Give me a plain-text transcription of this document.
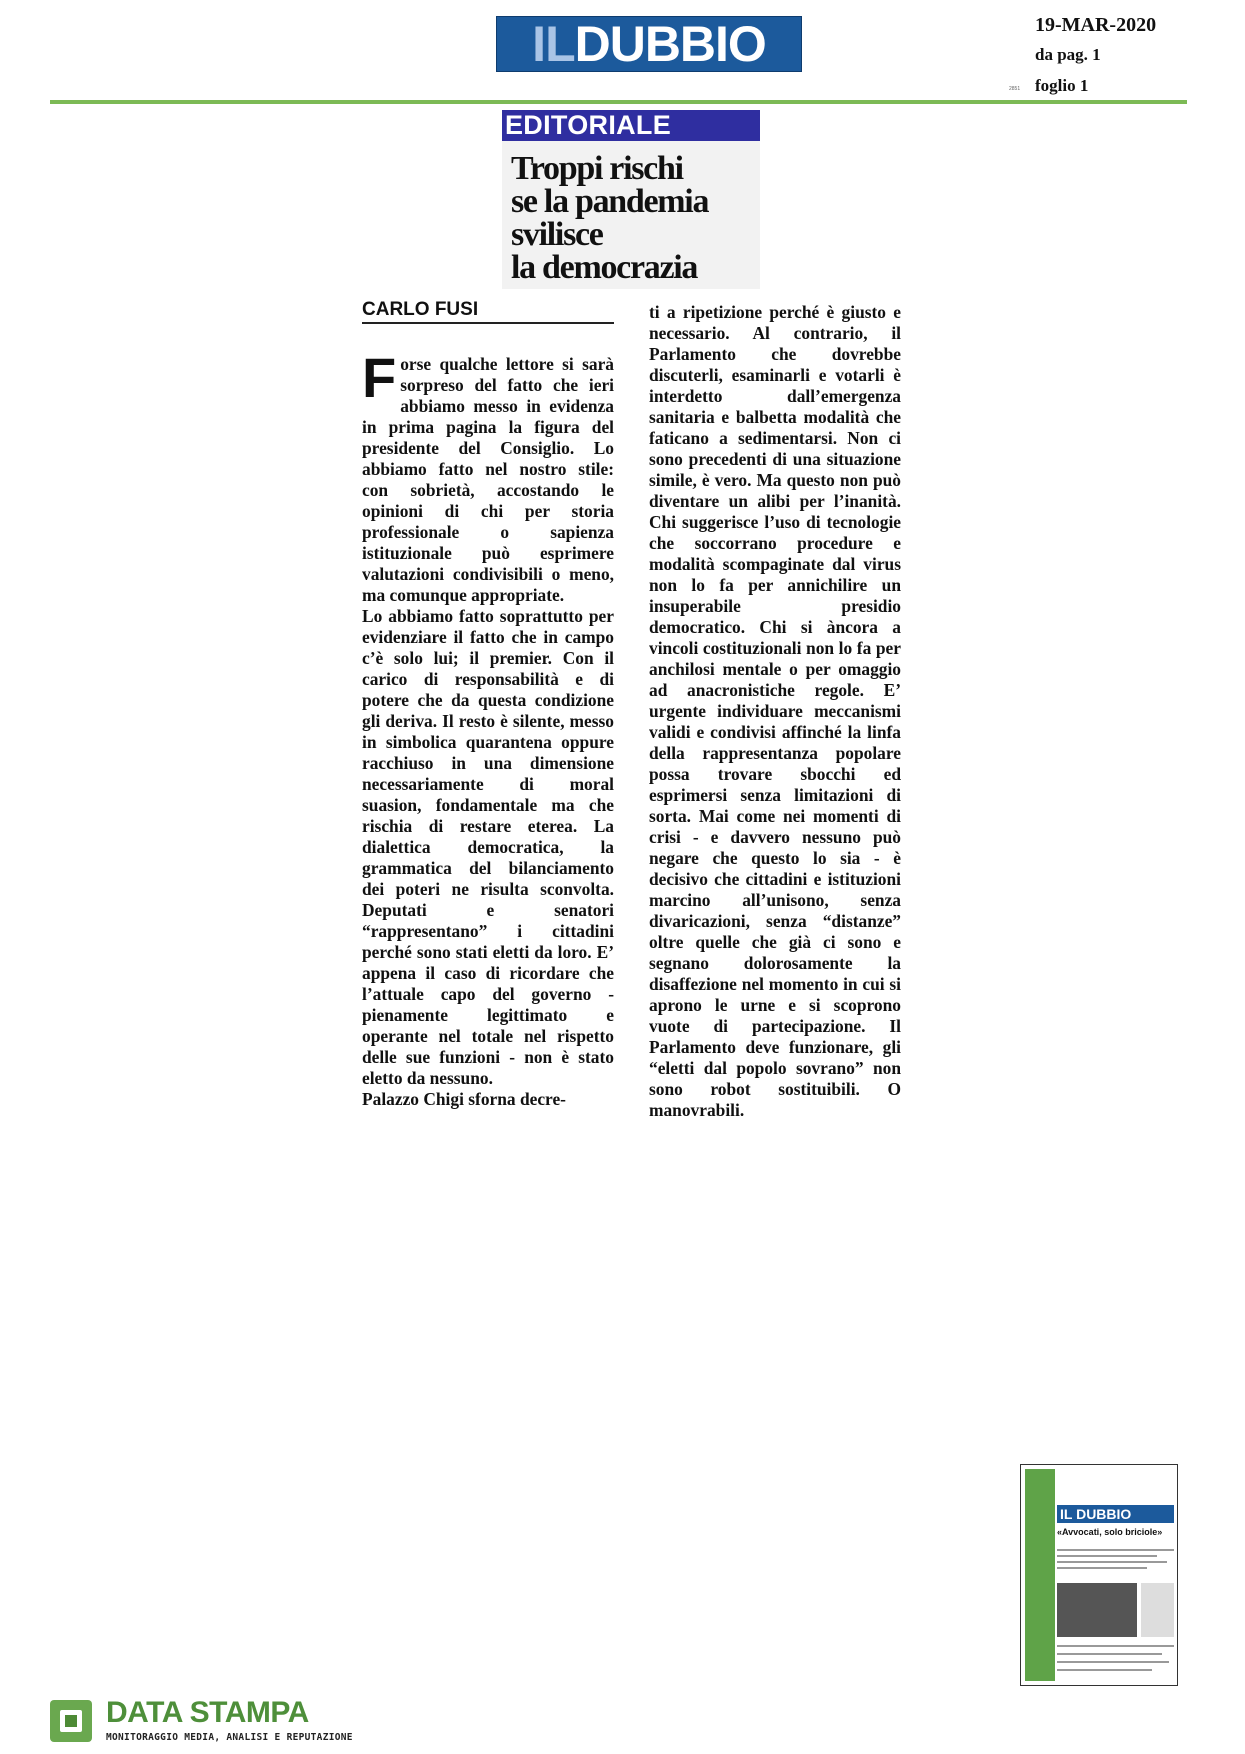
IL DUBBIO	19-MAR-2020
da pag. 1
2851 foglio 1
EDITORIALE
Troppi rischi
se la pandemia
svilisce
la democrazia
CARLO FUSI

Forse qualche lettore si sarà sorpreso del fatto che ieri abbiamo messo in evidenza in prima pagina la figura del presidente del Consiglio. Lo abbiamo fatto nel nostro stile: con sobrietà, accostando le opinioni di chi per storia professionale o sapienza istituzionale può esprimere valutazioni condivisibili o meno, ma comunque appropriate.

Lo abbiamo fatto soprattutto per evidenziare il fatto che in campo c’è solo lui; il premier. Con il carico di responsabilità e di potere che da questa condizione gli deriva. Il resto è silente, messo in simbolica quarantena oppure racchiuso in una dimensione necessariamente di moral suasion, fondamentale ma che rischia di restare eterea. La dialettica democratica, la grammatica del bilanciamento dei poteri ne risulta sconvolta. Deputati e senatori “rappresentano” i cittadini perché sono stati eletti da loro. E’ appena il caso di ricordare che l’attuale capo del governo - pienamente legittimato e operante nel totale nel rispetto delle sue funzioni - non è stato eletto da nessuno.

Palazzo Chigi sforna decre-

ti a ripetizione perché è giusto e necessario. Al contrario, il Parlamento che dovrebbe discuterli, esaminarli e votarli è interdetto dall’emergenza sanitaria e balbetta modalità che faticano a sedimentarsi. Non ci sono precedenti di una situazione simile, è vero. Ma questo non può diventare un alibi per l’inanità. Chi suggerisce l’uso di tecnologie che soccorrano procedure e modalità scompaginate dal virus non lo fa per annichilire un insuperabile presidio democratico. Chi si àncora a vincoli costituzionali non lo fa per anchilosi mentale o per omaggio ad anacronistiche regole. E’ urgente individuare meccanismi validi e condivisi affinché la linfa della rappresentanza popolare possa trovare sbocchi ed esprimersi senza limitazioni di sorta. Mai come nei momenti di crisi - e davvero nessuno può negare che questo lo sia - è decisivo che cittadini e istituzioni marcino all’unisono, senza divaricazioni, senza “distanze” oltre quelle che già ci sono e segnano dolorosamente la disaffezione nel momento in cui si aprono le urne e si scoprono vuote di partecipazione. Il Parlamento deve funzionare, gli “eletti dal popolo sovrano” non sono robot sostituibili. O manovrabili.

IL DUBBIO
«Avvocati, solo briciole»
DATA STAMPA
MONITORAGGIO MEDIA, ANALISI E REPUTAZIONE
